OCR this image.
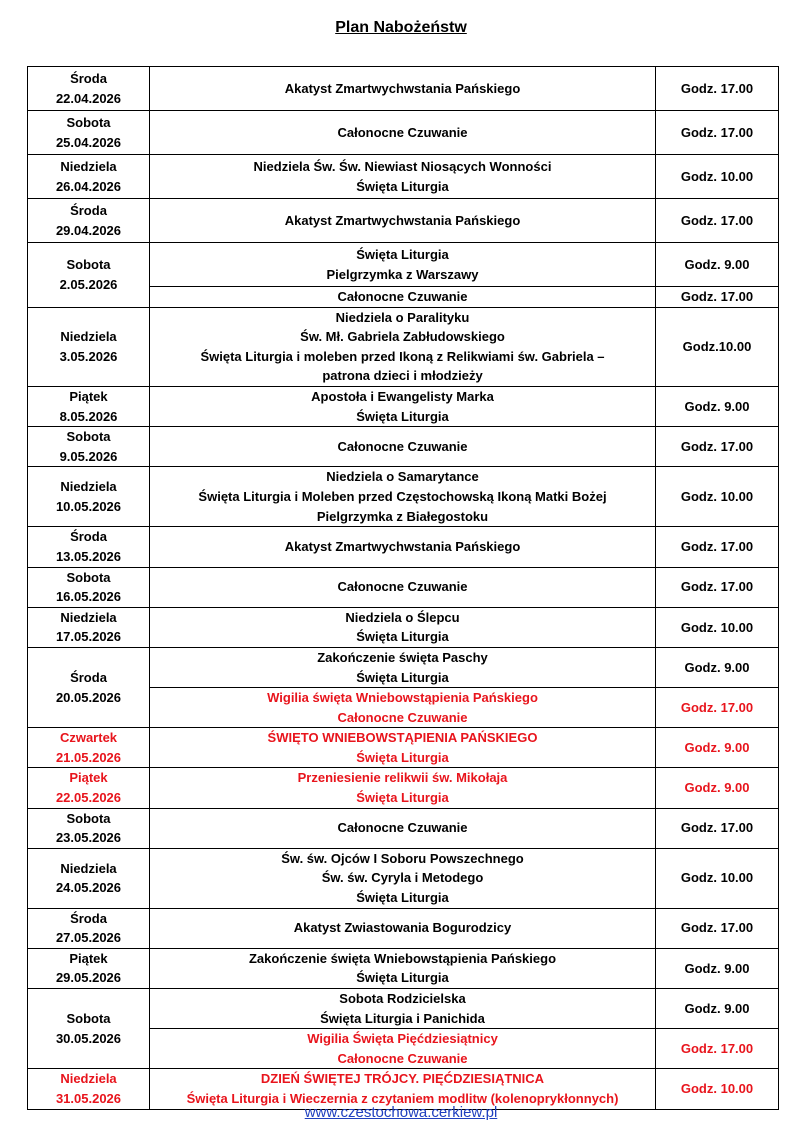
Plan Nabożeństw
Środa
22.04.2026	Akatyst Zmartwychwstania Pańskiego	Godz. 17.00

Sobota
25.04.2026	Całonocne Czuwanie	Godz. 17.00

Niedziela
26.04.2026	Niedziela Św. Św. Niewiast Niosących Wonności
Święta Liturgia	Godz. 10.00

Środa
29.04.2026	Akatyst Zmartwychwstania Pańskiego	Godz. 17.00

Sobota
2.05.2026	Święta Liturgia
Pielgrzymka z Warszawy	Godz. 9.00

	Całonocne Czuwanie	Godz. 17.00

Niedziela
3.05.2026	Niedziela o Paralityku
Św. Mł. Gabriela Zabłudowskiego
Święta Liturgia i moleben przed Ikoną z Relikwiami św. Gabriela –
patrona dzieci i młodzieży	Godz.10.00

Piątek
8.05.2026	Apostoła i Ewangelisty Marka
Święta Liturgia	Godz. 9.00

Sobota
9.05.2026	Całonocne Czuwanie	Godz. 17.00

Niedziela
10.05.2026	Niedziela o Samarytance
Święta Liturgia i Moleben przed Częstochowską Ikoną Matki Bożej
Pielgrzymka z Białegostoku	Godz. 10.00

Środa
13.05.2026	Akatyst Zmartwychwstania Pańskiego	Godz. 17.00

Sobota
16.05.2026	Całonocne Czuwanie	Godz. 17.00

Niedziela
17.05.2026	Niedziela o Ślepcu
Święta Liturgia	Godz. 10.00

Środa
20.05.2026	Zakończenie święta Paschy
Święta Liturgia	Godz. 9.00

	Wigilia święta Wniebowstąpienia Pańskiego
Całonocne Czuwanie	Godz. 17.00

Czwartek
21.05.2026	ŚWIĘTO WNIEBOWSTĄPIENIA PAŃSKIEGO
Święta Liturgia	Godz. 9.00

Piątek
22.05.2026	Przeniesienie relikwii św. Mikołaja
Święta Liturgia	Godz. 9.00

Sobota
23.05.2026	Całonocne Czuwanie	Godz. 17.00

Niedziela
24.05.2026	Św. św. Ojców I Soboru Powszechnego
Św. św. Cyryla i Metodego
Święta Liturgia	Godz. 10.00

Środa
27.05.2026	Akatyst Zwiastowania Bogurodzicy	Godz. 17.00

Piątek
29.05.2026	Zakończenie święta Wniebowstąpienia Pańskiego
Święta Liturgia	Godz. 9.00

Sobota
30.05.2026	Sobota Rodzicielska
Święta Liturgia i Panichida	Godz. 9.00

	Wigilia Święta Pięćdziesiątnicy
Całonocne Czuwanie	Godz. 17.00

Niedziela
31.05.2026	DZIEŃ ŚWIĘTEJ TRÓJCY. PIĘĆDZIESIĄTNICA
Święta Liturgia i Wieczernia z czytaniem modlitw (kolenoprykłonnych)	Godz. 10.00
www.czestochowa.cerkiew.pl
